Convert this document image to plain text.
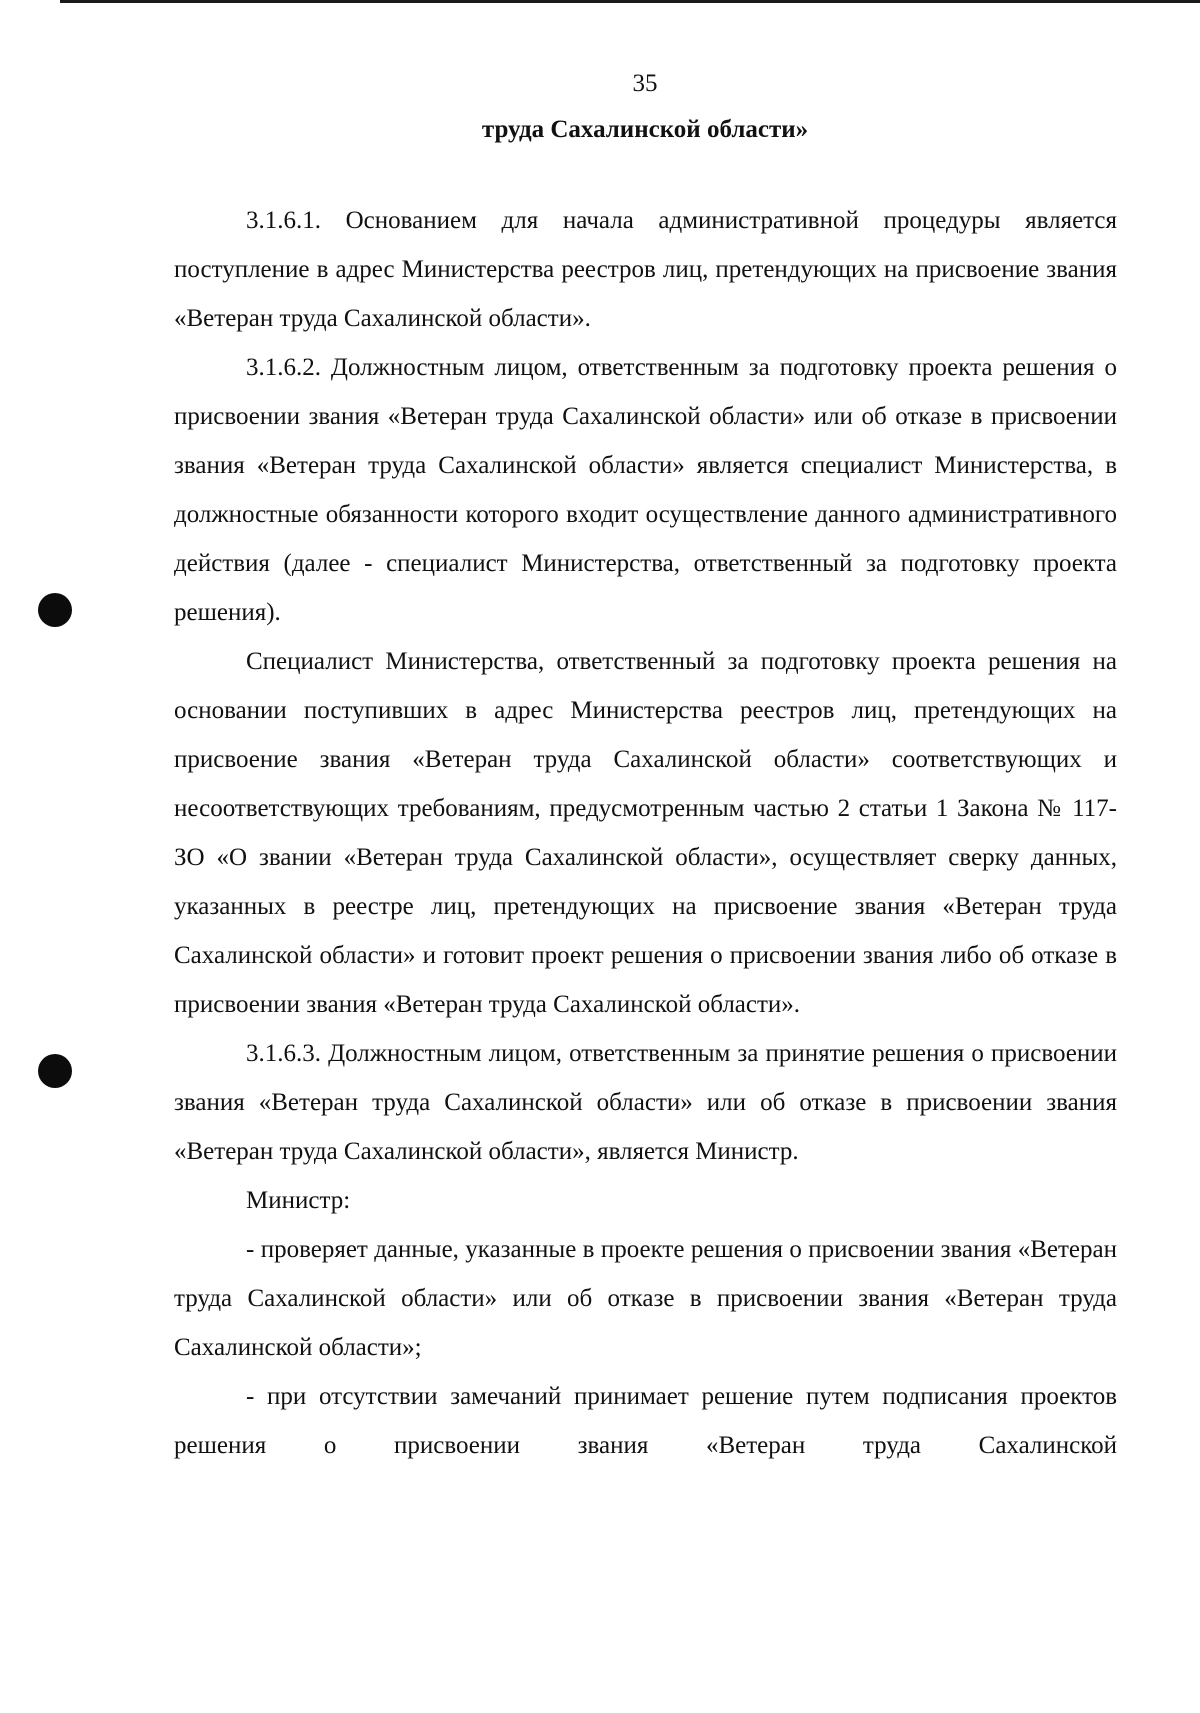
35
труда Сахалинской области»

3.1.6.1. Основанием для начала административной процедуры является поступление в адрес Министерства реестров лиц, претендующих на присвоение звания «Ветеран труда Сахалинской области».

3.1.6.2. Должностным лицом, ответственным за подготовку проекта решения о присвоении звания «Ветеран труда Сахалинской области» или об отказе в присвоении звания «Ветеран труда Сахалинской области» является специалист Министерства, в должностные обязанности которого входит осуществление данного административного действия (далее - специалист Министерства, ответственный за подготовку проекта решения).

Специалист Министерства, ответственный за подготовку проекта решения на основании поступивших в адрес Министерства реестров лиц, претендующих на присвоение звания «Ветеран труда Сахалинской области» соответствующих и несоответствующих требованиям, предусмотренным частью 2 статьи 1 Закона № 117-ЗО «О звании «Ветеран труда Сахалинской области», осуществляет сверку данных, указанных в реестре лиц, претендующих на присвоение звания «Ветеран труда Сахалинской области» и готовит проект решения о присвоении звания либо об отказе в присвоении звания «Ветеран труда Сахалинской области».

3.1.6.3. Должностным лицом, ответственным за принятие решения о присвоении звания «Ветеран труда Сахалинской области» или об отказе в присвоении звания «Ветеран труда Сахалинской области», является Министр.

Министр:

- проверяет данные, указанные в проекте решения о присвоении звания «Ветеран труда Сахалинской области» или об отказе в присвоении звания «Ветеран труда Сахалинской области»;

- при отсутствии замечаний принимает решение путем подписания проектов решения о присвоении звания «Ветеран труда Сахалинской
